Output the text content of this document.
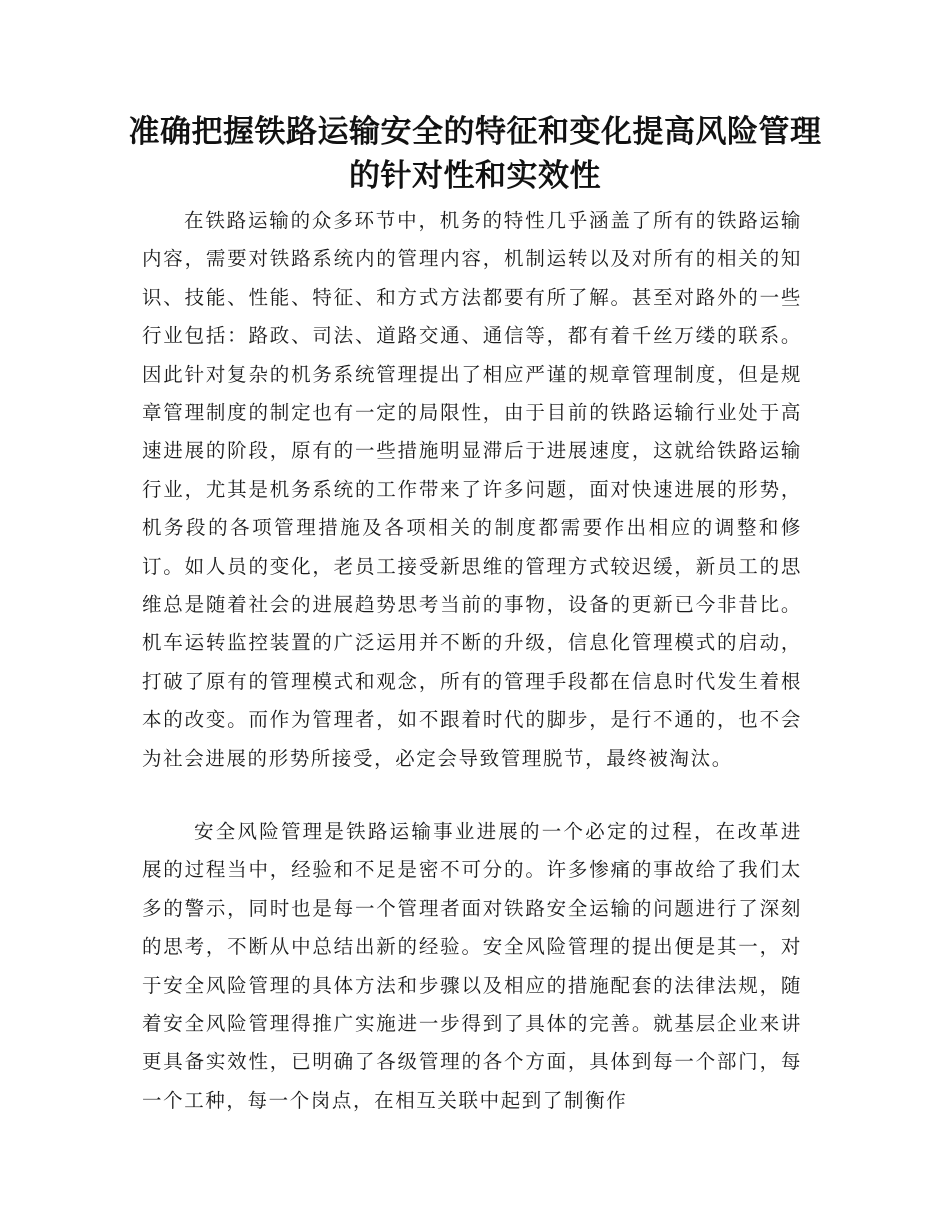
准确把握铁路运输安全的特征和变化提高风险管理的针对性和实效性

在铁路运输的众多环节中，机务的特性几乎涵盖了所有的铁路运输内容，需要对铁路系统内的管理内容，机制运转以及对所有的相关的知识、技能、性能、特征、和方式方法都要有所了解。甚至对路外的一些行业包括：路政、司法、道路交通、通信等，都有着千丝万缕的联系。因此针对复杂的机务系统管理提出了相应严谨的规章管理制度，但是规章管理制度的制定也有一定的局限性，由于目前的铁路运输行业处于高速进展的阶段，原有的一些措施明显滞后于进展速度，这就给铁路运输行业，尤其是机务系统的工作带来了许多问题，面对快速进展的形势，机务段的各项管理措施及各项相关的制度都需要作出相应的调整和修订。如人员的变化，老员工接受新思维的管理方式较迟缓，新员工的思维总是随着社会的进展趋势思考当前的事物，设备的更新已今非昔比。机车运转监控装置的广泛运用并不断的升级，信息化管理模式的启动，打破了原有的管理模式和观念，所有的管理手段都在信息时代发生着根本的改变。而作为管理者，如不跟着时代的脚步，是行不通的，也不会为社会进展的形势所接受，必定会导致管理脱节，最终被淘汰。

安全风险管理是铁路运输事业进展的一个必定的过程，在改革进展的过程当中，经验和不足是密不可分的。许多惨痛的事故给了我们太多的警示，同时也是每一个管理者面对铁路安全运输的问题进行了深刻的思考，不断从中总结出新的经验。安全风险管理的提出便是其一，对于安全风险管理的具体方法和步骤以及相应的措施配套的法律法规，随着安全风险管理得推广实施进一步得到了具体的完善。就基层企业来讲更具备实效性，已明确了各级管理的各个方面，具体到每一个部门，每一个工种，每一个岗点，在相互关联中起到了制衡作
